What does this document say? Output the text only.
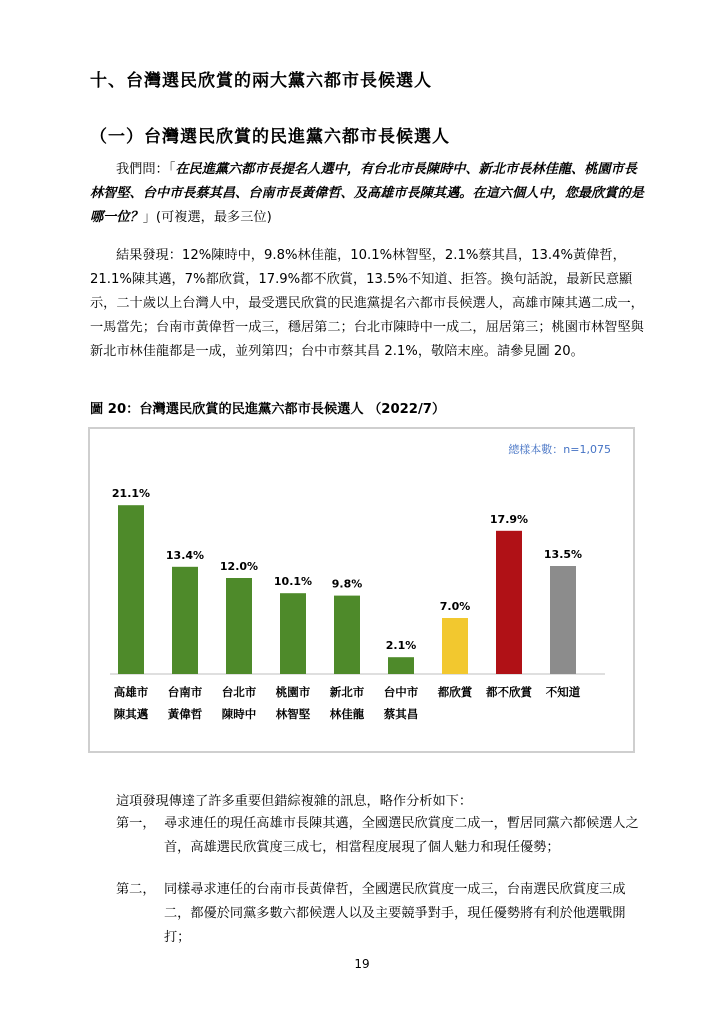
十、台灣選民欣賞的兩大黨六都市長候選人
（一）台灣選民欣賞的民進黨六都市長候選人
我們問：「在民進黨六都市長提名人選中，有台北市長陳時中、新北市長林佳龍、桃園市長林智堅、台中市長蔡其昌、台南市長黃偉哲、及高雄市長陳其邁。在這六個人中，您最欣賞的是哪一位？」(可複選，最多三位)
結果發現：12%陳時中，9.8%林佳龍，10.1%林智堅，2.1%蔡其昌，13.4%黃偉哲，21.1%陳其邁，7%都欣賞，17.9%都不欣賞，13.5%不知道、拒答。換句話說，最新民意顯示，二十歲以上台灣人中，最受選民欣賞的民進黨提名六都市長候選人，高雄市陳其邁二成一，一馬當先；台南市黃偉哲一成三，穩居第二；台北市陳時中一成二，屈居第三；桃園市林智堅與新北市林佳龍都是一成，並列第四；台中市蔡其昌 2.1%，敬陪末座。請參見圖 20。
圖 20：台灣選民欣賞的民進黨六都市長候選人 （2022/7）
總樣本數：n=1,075
21.1%
高雄市
陳其邁
13.4%
台南市
黃偉哲
12.0%
台北市
陳時中
10.1%
桃園市
林智堅
9.8%
新北市
林佳龍
2.1%
台中市
蔡其昌
7.0%
都欣賞
17.9%
都不欣賞
13.5%
不知道
這項發現傳達了許多重要但錯綜複雜的訊息，略作分析如下：
第一， 尋求連任的現任高雄市長陳其邁，全國選民欣賞度二成一，暫居同黨六都候選人之首，高雄選民欣賞度三成七，相當程度展現了個人魅力和現任優勢；
第二， 同樣尋求連任的台南市長黃偉哲，全國選民欣賞度一成三，台南選民欣賞度三成二，都優於同黨多數六都候選人以及主要競爭對手，現任優勢將有利於他選戰開打；
19
